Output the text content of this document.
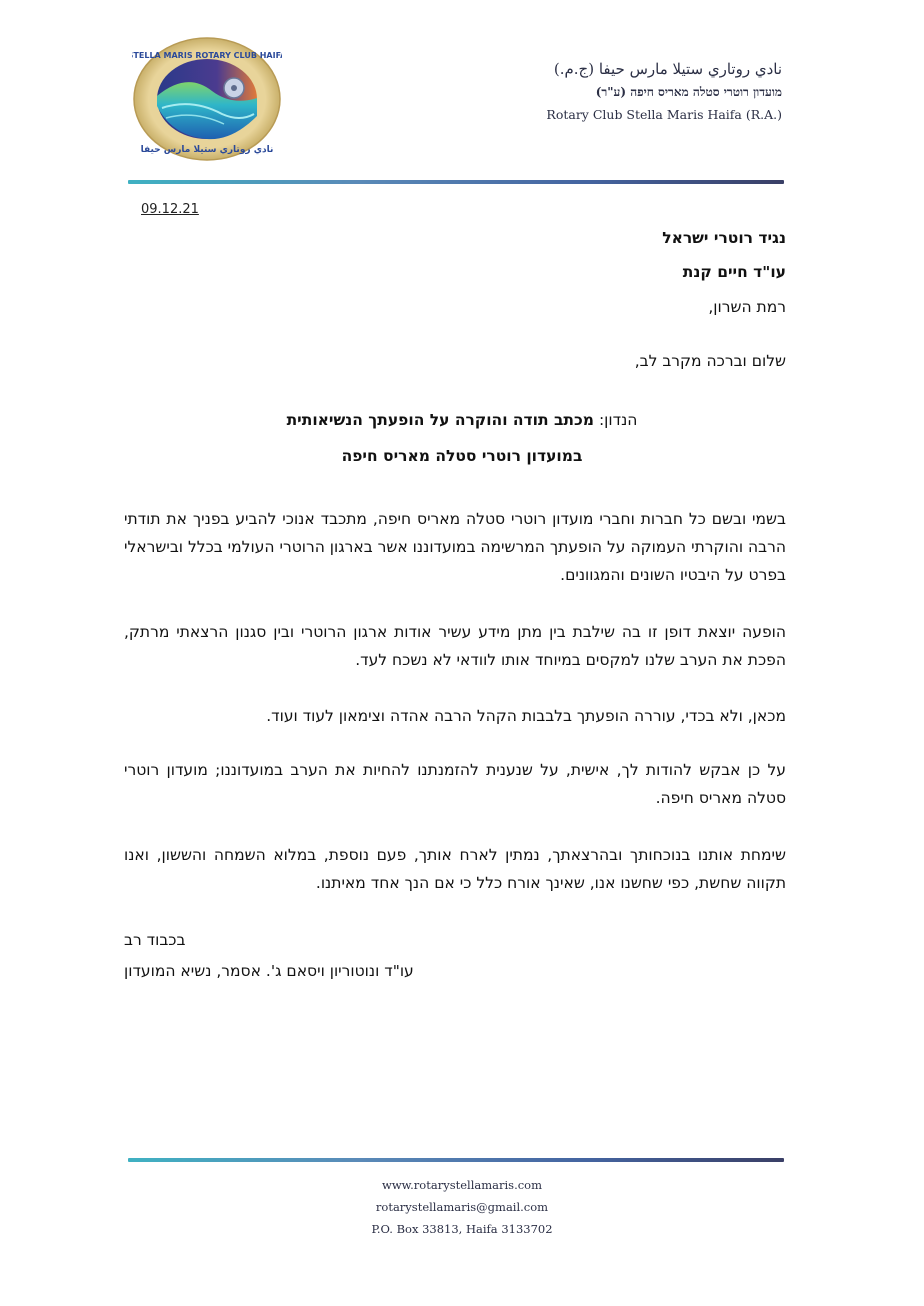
STELLA MARIS ROTARY CLUB HAIFA
نادي روتاري ستيلا مارس حيفا
نادي روتاري ستيلا مارس حيفا (ج.م.)
מועדון רוטרי סטלה מאריס חיפה (ע"ר)
Rotary Club Stella Maris Haifa (R.A.)
09.12.21
נגיד רוטרי ישראל
עו"ד חיים קנת
רמת השרון,
שלום וברכה מקרב לב,
הנדון: מכתב תודה והוקרה על הופעתך הנשיאותית
במועדון רוטרי סטלה מאריס חיפה
בשמי ובשם כל חברות וחברי מועדון רוטרי סטלה מאריס חיפה, מתכבד אנוכי להביע בפניך את תודתי הרבה והוקרתי העמוקה על הופעתך המרשימה במועדוננו אשר בארגון הרוטרי העולמי בכלל ובישראלי בפרט על היבטיו השונים והמגוונים.
הופעה יוצאת דופן זו בה שילבת בין מתן מידע עשיר אודות ארגון הרוטרי ובין סגנון הרצאתי מרתק, הפכת את הערב שלנו למקסים במיוחד אותו לוודאי לא נשכח לעד.
מכאן, ולא בכדי, עוררה הופעתך בלבבות הקהל הרבה אהדה וצימאון לעוד ועוד.
על כן אבקש להודות לך, אישית, על שנענית להזמנתנו להחיות את הערב במועדוננו; מועדון רוטרי סטלה מאריס חיפה.
שימחת אותנו בנוכחותך ובהרצאתך, נמתין לארח אותך, פעם נוספת, במלוא השמחה והששון, ואנו תקווה שחשת, כפי שחשנו אנו, שאינך אורח כלל כי אם הנך אחד מאיתנו.
בכבוד רב
עו"ד ונוטוריון ויסאם ג'. אסמר, נשיא המועדון
www.rotarystellamaris.com
rotarystellamaris@gmail.com
P.O. Box 33813, Haifa 3133702
